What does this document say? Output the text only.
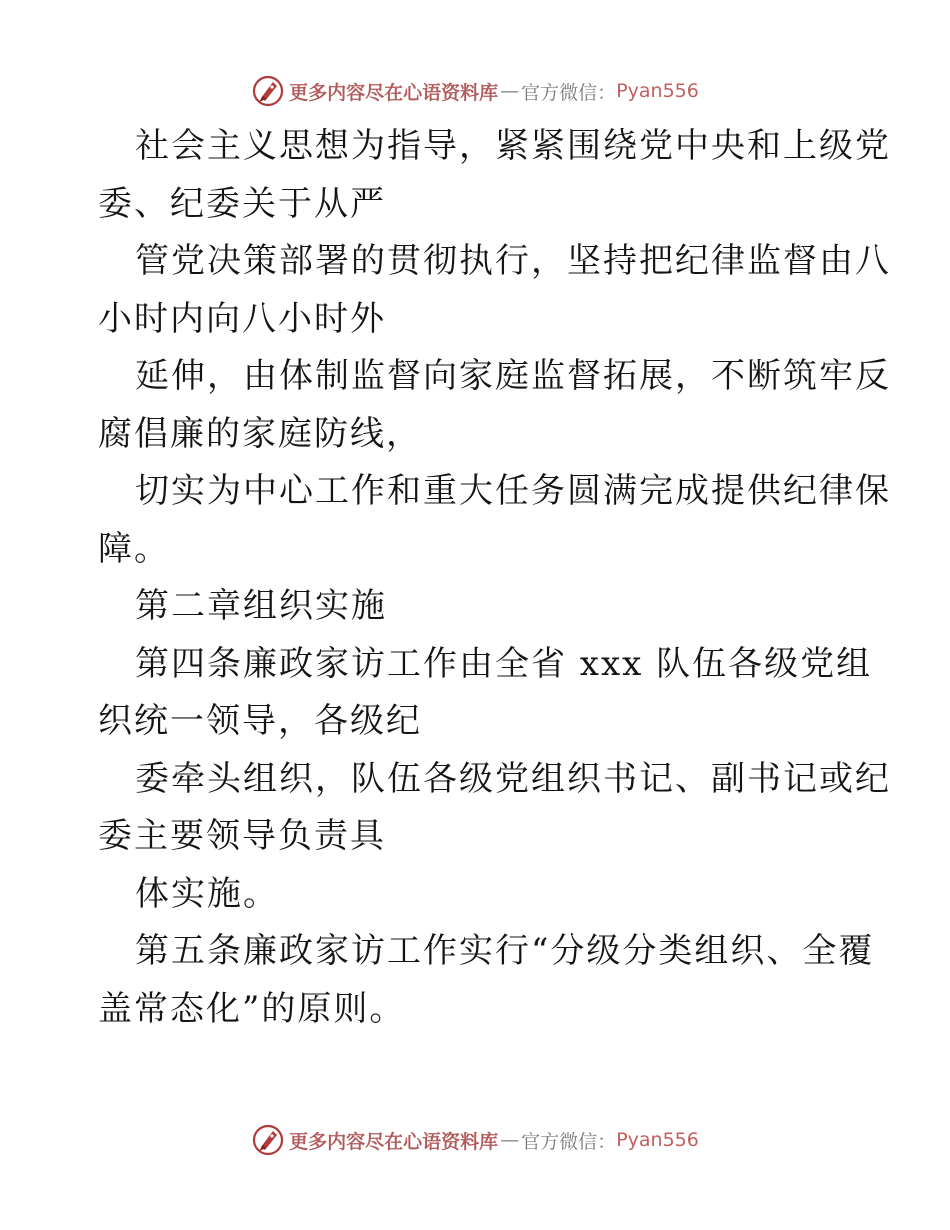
更多内容尽在心语资料库 — 官方微信： Pyan556
社会主义思想为指导，紧紧围绕党中央和上级党
委、纪委关于从严
管党决策部署的贯彻执行，坚持把纪律监督由八
小时内向八小时外
延伸，由体制监督向家庭监督拓展，不断筑牢反
腐倡廉的家庭防线，
切实为中心工作和重大任务圆满完成提供纪律保
障。
第二章组织实施
第四条廉政家访工作由全省 xxx 队伍各级党组
织统一领导，各级纪
委牵头组织，队伍各级党组织书记、副书记或纪
委主要领导负责具
体实施。
第五条廉政家访工作实行“分级分类组织、全覆
盖常态化”的原则。
更多内容尽在心语资料库 — 官方微信： Pyan556
